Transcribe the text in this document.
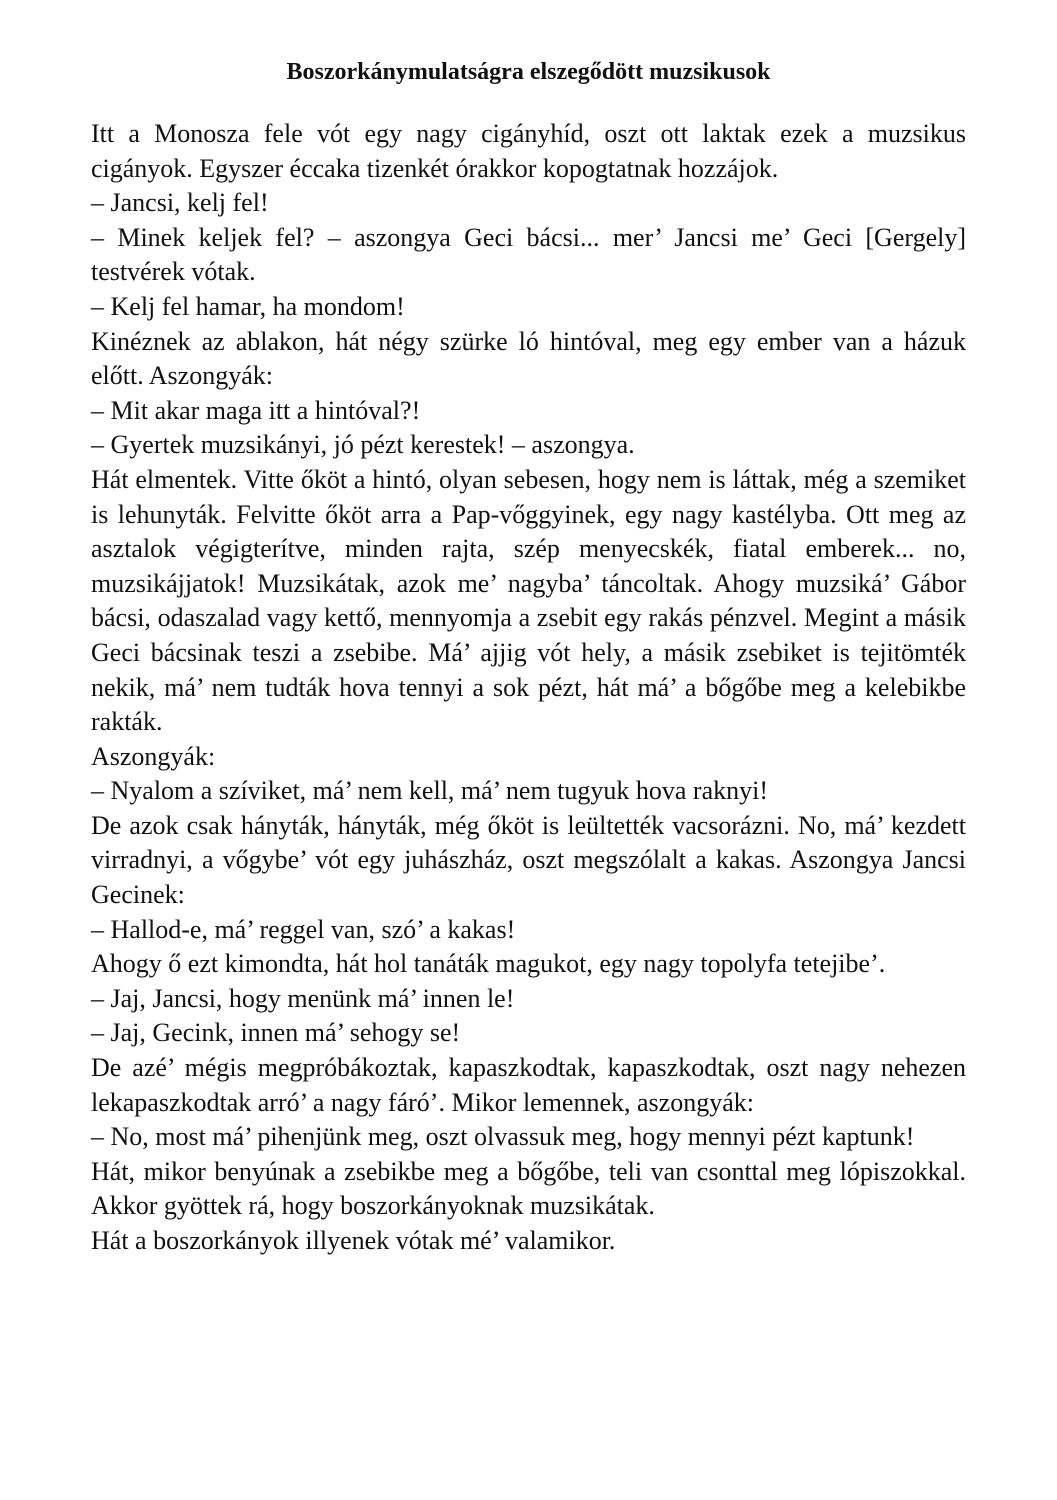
Boszorkánymulatságra elszegődött muzsikusok

Itt a Monosza fele vót egy nagy cigányhíd, oszt ott laktak ezek a muzsikus cigányok. Egyszer éccaka tizenkét órakkor kopogtatnak hozzájok.

– Jancsi, kelj fel!

– Minek keljek fel? – aszongya Geci bácsi... mer’ Jancsi me’ Geci [Gergely] testvérek vótak.

– Kelj fel hamar, ha mondom!

Kinéznek az ablakon, hát négy szürke ló hintóval, meg egy ember van a házuk előtt. Aszongyák:

– Mit akar maga itt a hintóval?!

– Gyertek muzsikányi, jó pézt kerestek! – aszongya.

Hát elmentek. Vitte őköt a hintó, olyan sebesen, hogy nem is láttak, még a szemiket is lehunyták. Felvitte őköt arra a Pap-vőggyinek, egy nagy kastélyba. Ott meg az asztalok végigterítve, minden rajta, szép menyecskék, fiatal emberek... no, muzsikájjatok! Muzsikátak, azok me’ nagyba’ táncoltak. Ahogy muzsiká’ Gábor bácsi, odaszalad vagy kettő, mennyomja a zsebit egy rakás pénzvel. Megint a másik Geci bácsinak teszi a zsebibe. Má’ ajjig vót hely, a másik zsebiket is tejitömték nekik, má’ nem tudták hova tennyi a sok pézt, hát má’ a bőgőbe meg a kelebikbe rakták.

Aszongyák:

– Nyalom a szíviket, má’ nem kell, má’ nem tugyuk hova raknyi!

De azok csak hányták, hányták, még őköt is leültették vacsorázni. No, má’ kezdett virradnyi, a vőgybe’ vót egy juhászház, oszt megszólalt a kakas. Aszongya Jancsi Gecinek:

– Hallod-e, má’ reggel van, szó’ a kakas!

Ahogy ő ezt kimondta, hát hol tanáták magukot, egy nagy topolyfa tetejibe’.

– Jaj, Jancsi, hogy menünk má’ innen le!

– Jaj, Gecink, innen má’ sehogy se!

De azé’ mégis megpróbákoztak, kapaszkodtak, kapaszkodtak, oszt nagy nehezen lekapaszkodtak arró’ a nagy fáró’. Mikor lemennek, aszongyák:

– No, most má’ pihenjünk meg, oszt olvassuk meg, hogy mennyi pézt kaptunk!

Hát, mikor benyúnak a zsebikbe meg a bőgőbe, teli van csonttal meg lópiszokkal. Akkor gyöttek rá, hogy boszorkányoknak muzsikátak.

Hát a boszorkányok illyenek vótak mé’ valamikor.
